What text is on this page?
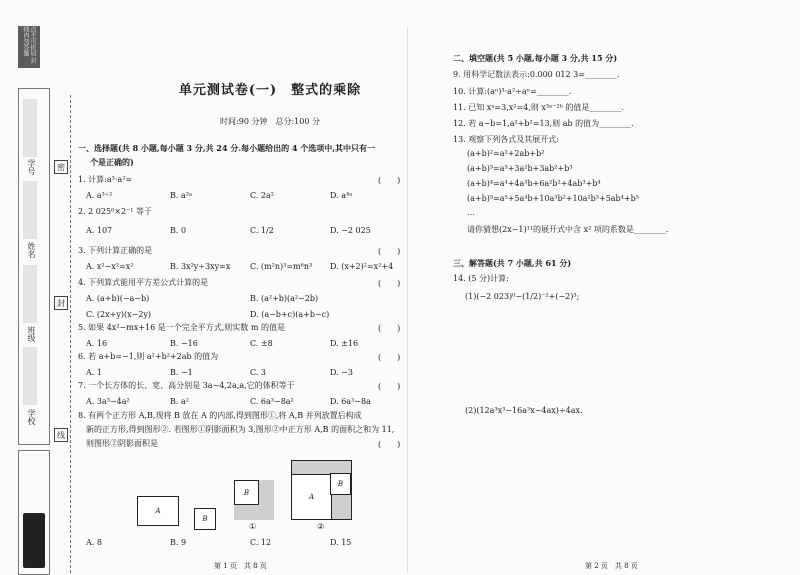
点不可折切 封线内勿答题
学号
姓名
班级
学校
密
封
线
单元测试卷(一)　整式的乘除
时间:90 分钟　总分:100 分
一、选择题(共 8 小题,每小题 3 分,共 24 分.每小题给出的 4 个选项中,其中只有一
个是正确的)
1. 计算:a³·a²=	(　　)
A. a³⁺²	B. a²ᵃ	C. 2a²	D. a⁴ᵃ
2. 2 025⁰×2⁻¹ 等于
A. 107	B. 0	C. 1/2	D. −2 025
3. 下列计算正确的是	(　　)
A. x²−x²=x²	B. 3x²y÷3xy=x C. (m²n)³=m⁶n³ D. (x+2)²=x²+4
4. 下列算式能用平方差公式计算的是	(　　)
A. (a+b)(−a−b)	B. (a²+b)(a²−2b)
C. (2x+y)(x−2y)	D. (a−b+c)(a+b−c)
5. 如果 4x²−mx+16 是一个完全平方式,则实数 m 的值是	(　　)
A. 16	B. −16	C. ±8	D. ±16
6. 若 a+b=−1,则 a²+b²+2ab 的值为	(　　)
A. 1	B. −1	C. 3	D. −3
7. 一个长方体的长、宽、高分别是 3a−4,2a,a,它的体积等于	(　　)
A. 3a³−4a²	B. a²	C. 6a³−8a²	D. 6a³−8a
8. 有两个正方形 A,B,现将 B 放在 A 的内部,得到图形①,将 A,B 并列放置后构成
新的正方形,得到图形②. 若图形①阴影面积为 3,图形②中正方形 A,B 的面积之和为 11,
则图形②阴影面积是	(　　)
A
B
B
①
A
B
②
A. 8	B. 9	C. 12	D. 15
第 1 页　共 8 页
二、填空题(共 5 小题,每小题 3 分,共 15 分)
9. 用科学记数法表示:0.000 012 3=________.
10. 计算:(aⁿ)³·a²÷aⁿ=________.
11. 已知 xᵃ=3,x²=4,则 x³ᵃ⁻²ᵇ 的值是________.
12. 若 a−b=1,a²+b²=13,则 ab 的值为________.
13. 观察下列各式及其展开式:
(a+b)²=a²+2ab+b²
(a+b)³=a³+3a²b+3ab²+b³
(a+b)⁴=a⁴+4a³b+6a²b²+4ab³+b⁴
(a+b)⁵=a⁵+5a⁴b+10a³b²+10a²b³+5ab⁴+b⁵
…
请你猜想(2x−1)¹¹的展开式中含 x² 项的系数是________.
三、解答题(共 7 小题,共 61 分)
14. (5 分)计算:
(1)(−2 023)⁰−(1/2)⁻²+(−2)³;
(2)(12a³x³−16a³x−4ax)÷4ax.
第 2 页　共 8 页
